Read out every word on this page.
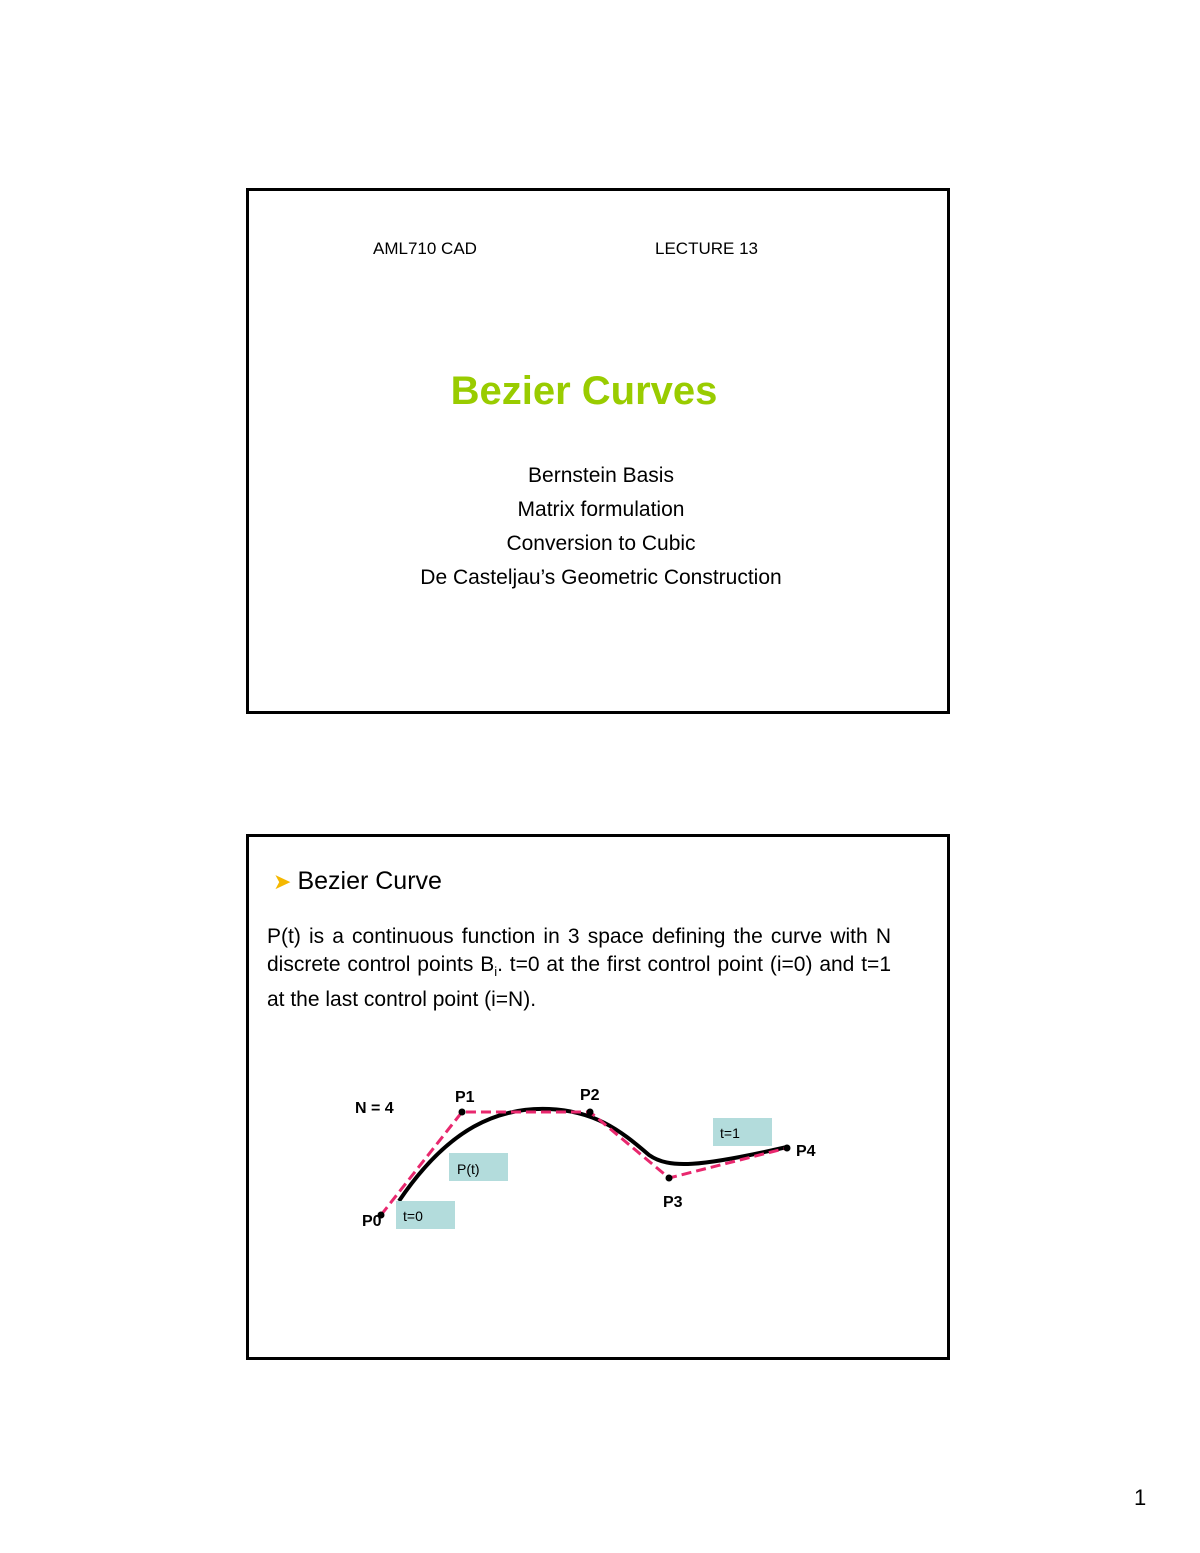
AML710 CAD	LECTURE 13
Bezier Curves
Bernstein Basis
Matrix formulation
Conversion to Cubic
De Casteljau’s Geometric Construction
➤ Bezier Curve
P(t) is a continuous function in 3 space defining the curve with N discrete control points $B_i$. t=0 at the first control point (i=0) and t=1 at the last control point (i=N).
N = 4
P1	P2
P3
P4
P0 t=0
P(t)
t=1
1
